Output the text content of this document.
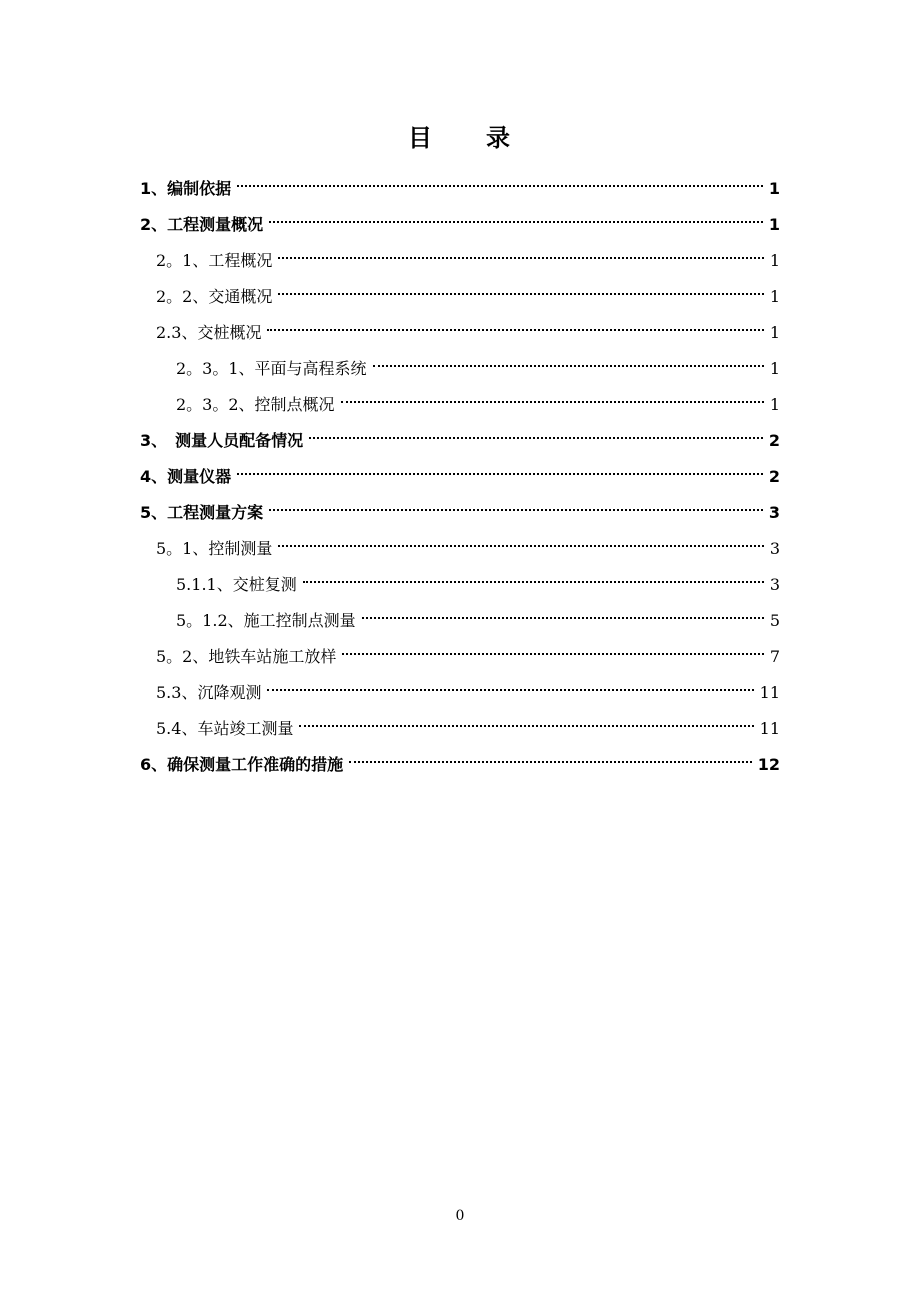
目　　录
1、编制依据	1
2、工程测量概况	1
2。1、工程概况	1
2。2、交通概况	1
2.3、交桩概况	1
2。3。1、平面与高程系统	1
2。3。2、控制点概况	1
3、　测量人员配备情况	2
4、测量仪器	2
5、工程测量方案	3
5。1、控制测量	3
5.1.1、交桩复测	3
5。1.2、施工控制点测量	5
5。2、地铁车站施工放样	7
5.3、沉降观测	11
5.4、车站竣工测量	11
6、确保测量工作准确的措施	12
0
